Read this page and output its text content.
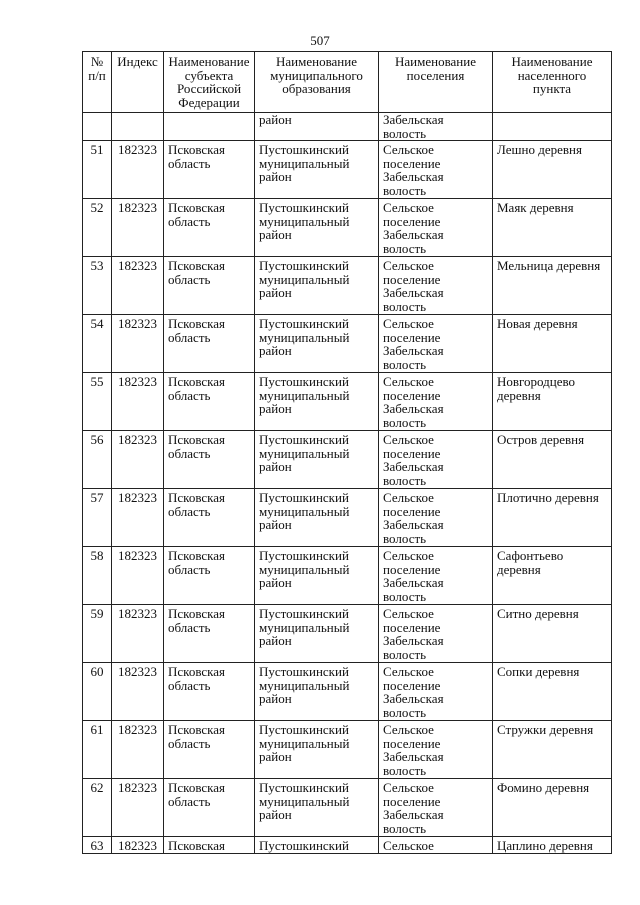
507
№ п/п	Индекс	Наименование субъекта Российской Федерации	Наименование муниципального образования	Наименование поселения	Наименование населенного пункта
			район	Забельская волость	
51	182323	Псковская область	Пустошкинский муниципальный район	Сельское поселение Забельская волость	Лешно деревня
52	182323	Псковская область	Пустошкинский муниципальный район	Сельское поселение Забельская волость	Маяк деревня
53	182323	Псковская область	Пустошкинский муниципальный район	Сельское поселение Забельская волость	Мельница деревня
54	182323	Псковская область	Пустошкинский муниципальный район	Сельское поселение Забельская волость	Новая деревня
55	182323	Псковская область	Пустошкинский муниципальный район	Сельское поселение Забельская волость	Новгородцево деревня
56	182323	Псковская область	Пустошкинский муниципальный район	Сельское поселение Забельская волость	Остров деревня
57	182323	Псковская область	Пустошкинский муниципальный район	Сельское поселение Забельская волость	Плотично деревня
58	182323	Псковская область	Пустошкинский муниципальный район	Сельское поселение Забельская волость	Сафонтьево деревня
59	182323	Псковская область	Пустошкинский муниципальный район	Сельское поселение Забельская волость	Ситно деревня
60	182323	Псковская область	Пустошкинский муниципальный район	Сельское поселение Забельская волость	Сопки деревня
61	182323	Псковская область	Пустошкинский муниципальный район	Сельское поселение Забельская волость	Стружки деревня
62	182323	Псковская область	Пустошкинский муниципальный район	Сельское поселение Забельская волость	Фомино деревня
63	182323	Псковская	Пустошкинский	Сельское	Цаплино деревня
